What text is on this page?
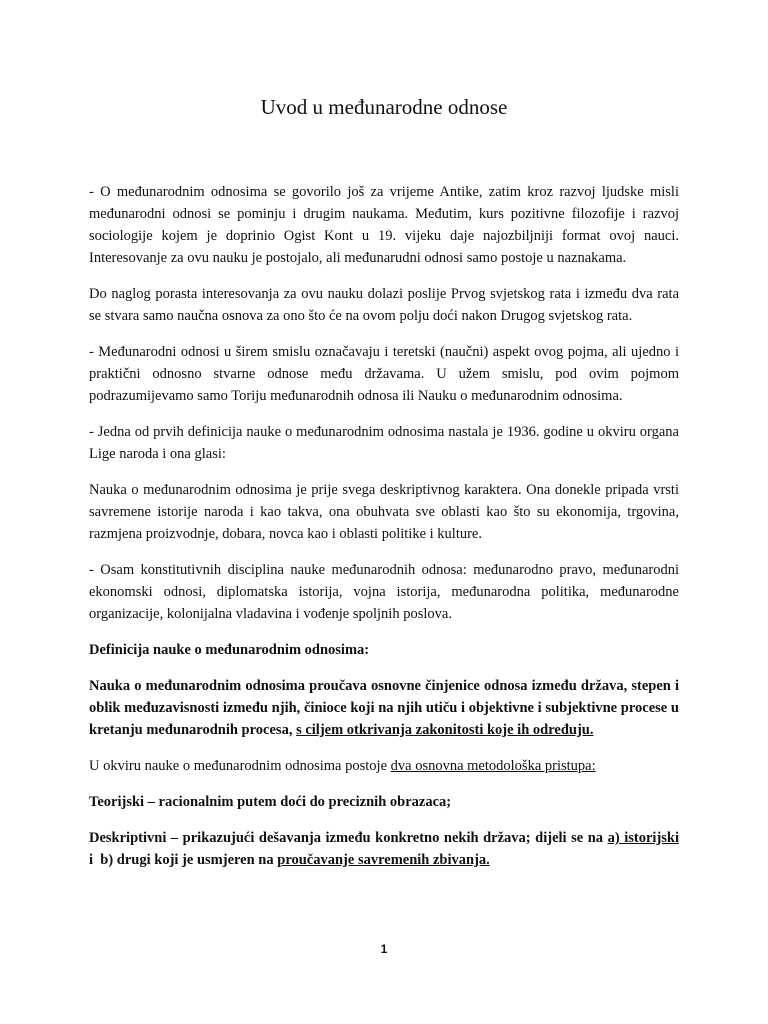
Uvod u međunarodne odnose

- O međunarodnim odnosima se govorilo još za vrijeme Antike, zatim kroz razvoj ljudske misli međunarodni odnosi se pominju i drugim naukama. Međutim, kurs pozitivne filozofije i razvoj sociologije kojem je doprinio Ogist Kont u 19. vijeku daje najozbiljniji format ovoj nauci. Interesovanje za ovu nauku je postojalo, ali međunarudni odnosi samo postoje u naznakama.

Do naglog porasta interesovanja za ovu nauku dolazi poslije Prvog svjetskog rata i između dva rata se stvara samo naučna osnova za ono što će na ovom polju doći nakon Drugog svjetskog rata.

- Međunarodni odnosi u širem smislu označavaju i teretski (naučni) aspekt ovog pojma, ali ujedno i praktični odnosno stvarne odnose među državama. U užem smislu, pod ovim pojmom podrazumijevamo samo Toriju međunarodnih odnosa ili Nauku o međunarodnim odnosima.

- Jedna od prvih definicija nauke o međunarodnim odnosima nastala je 1936. godine u okviru organa Lige naroda i ona glasi:

Nauka o međunarodnim odnosima je prije svega deskriptivnog karaktera. Ona donekle pripada vrsti savremene istorije naroda i kao takva, ona obuhvata sve oblasti kao što su ekonomija, trgovina, razmjena proizvodnje, dobara, novca kao i oblasti politike i kulture.

- Osam konstitutivnih disciplina nauke međunarodnih odnosa: međunarodno pravo, međunarodni ekonomski odnosi, diplomatska istorija, vojna istorija, međunarodna politika, međunarodne organizacije, kolonijalna vladavina i vođenje spoljnih poslova.

Definicija nauke o međunarodnim odnosima:

Nauka o međunarodnim odnosima proučava osnovne činjenice odnosa između država, stepen i oblik međuzavisnosti između njih, činioce koji na njih utiču i objektivne i subjektivne procese u kretanju međunarodnih procesa, s ciljem otkrivanja zakonitosti koje ih određuju.

U okviru nauke o međunarodnim odnosima postoje dva osnovna metodološka pristupa:

Teorijski – racionalnim putem doći do preciznih obrazaca;

Deskriptivni – prikazujući dešavanja između konkretno nekih država; dijeli se na a) istorijski  i  b) drugi koji je usmjeren na proučavanje savremenih zbivanja.

1
